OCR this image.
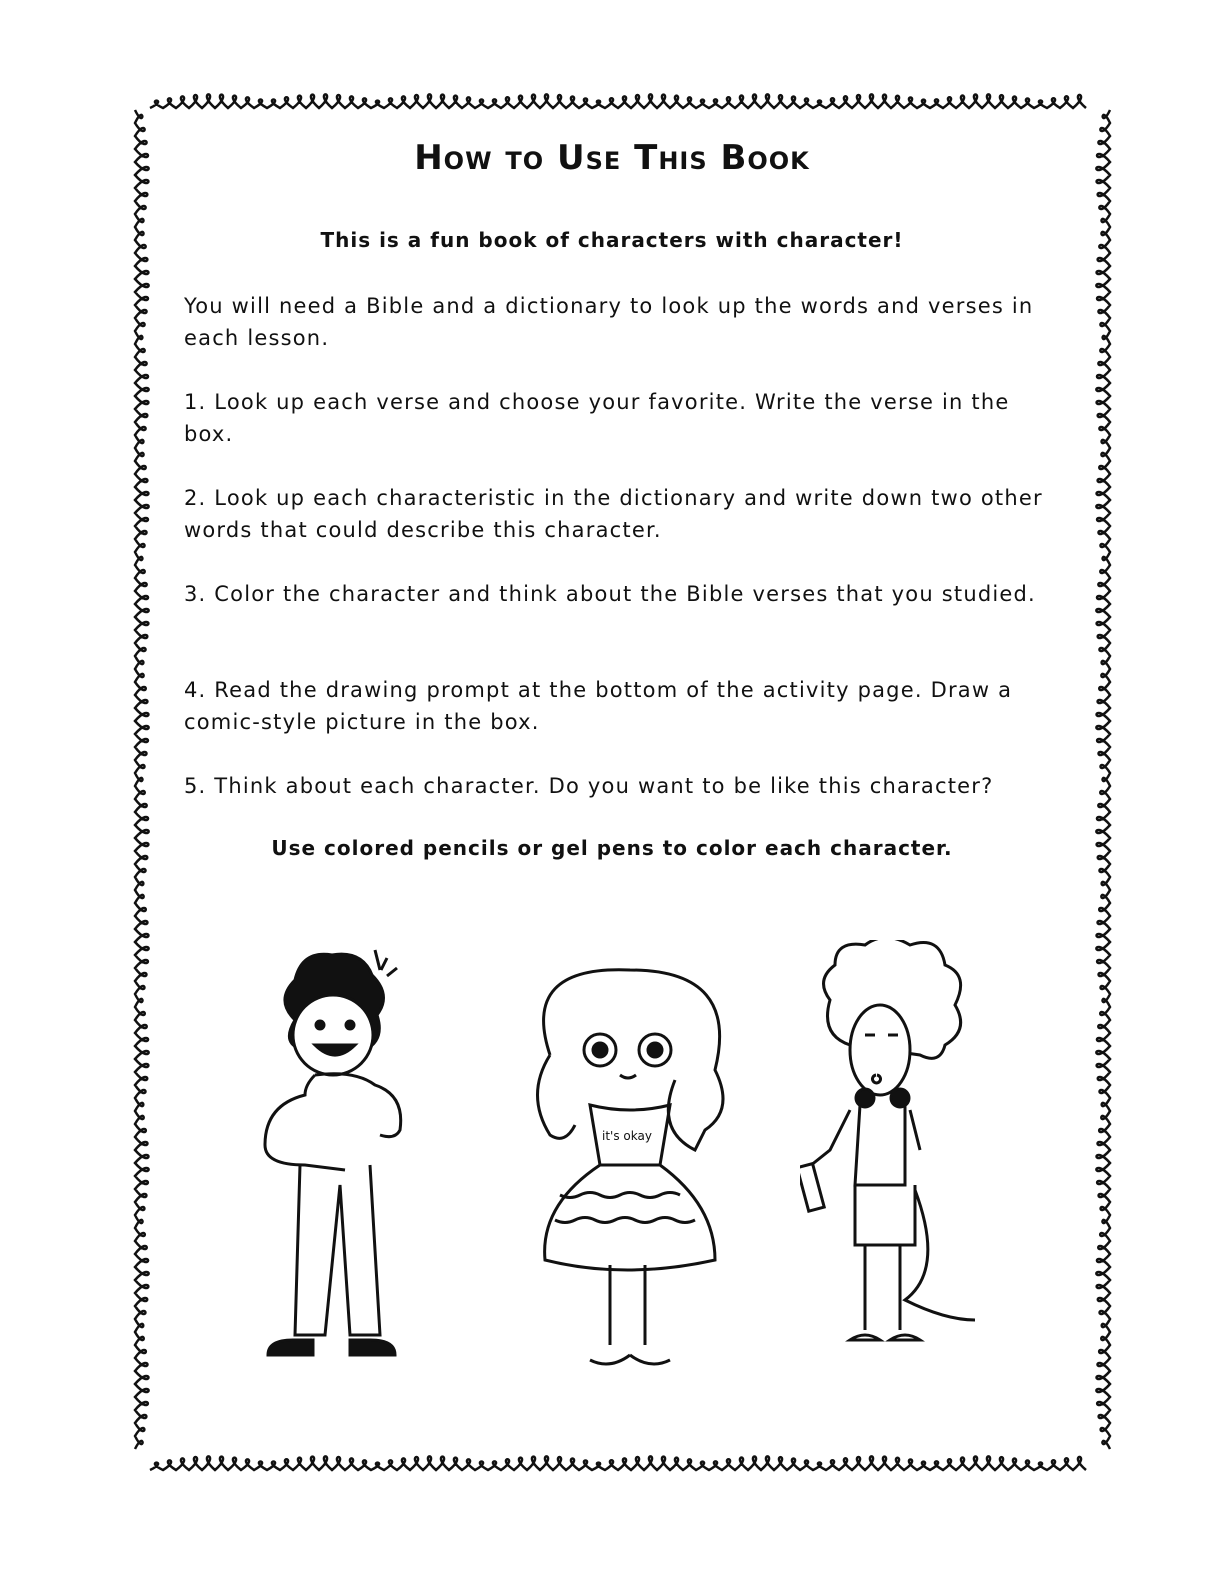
How to Use This Book
This is a fun book of characters with character!
You will need a Bible and a dictionary to look up the words and verses in each lesson.
1. Look up each verse and choose your favorite. Write the verse in the box.
2. Look up each characteristic in the dictionary and write down two other words that could describe this character.
3. Color the character and think about the Bible verses that you studied.
4. Read the drawing prompt at the bottom of the activity page. Draw a comic-style picture in the box.
5. Think about each character. Do you want to be like this character?
Use colored pencils or gel pens to color each character.
it's okay
